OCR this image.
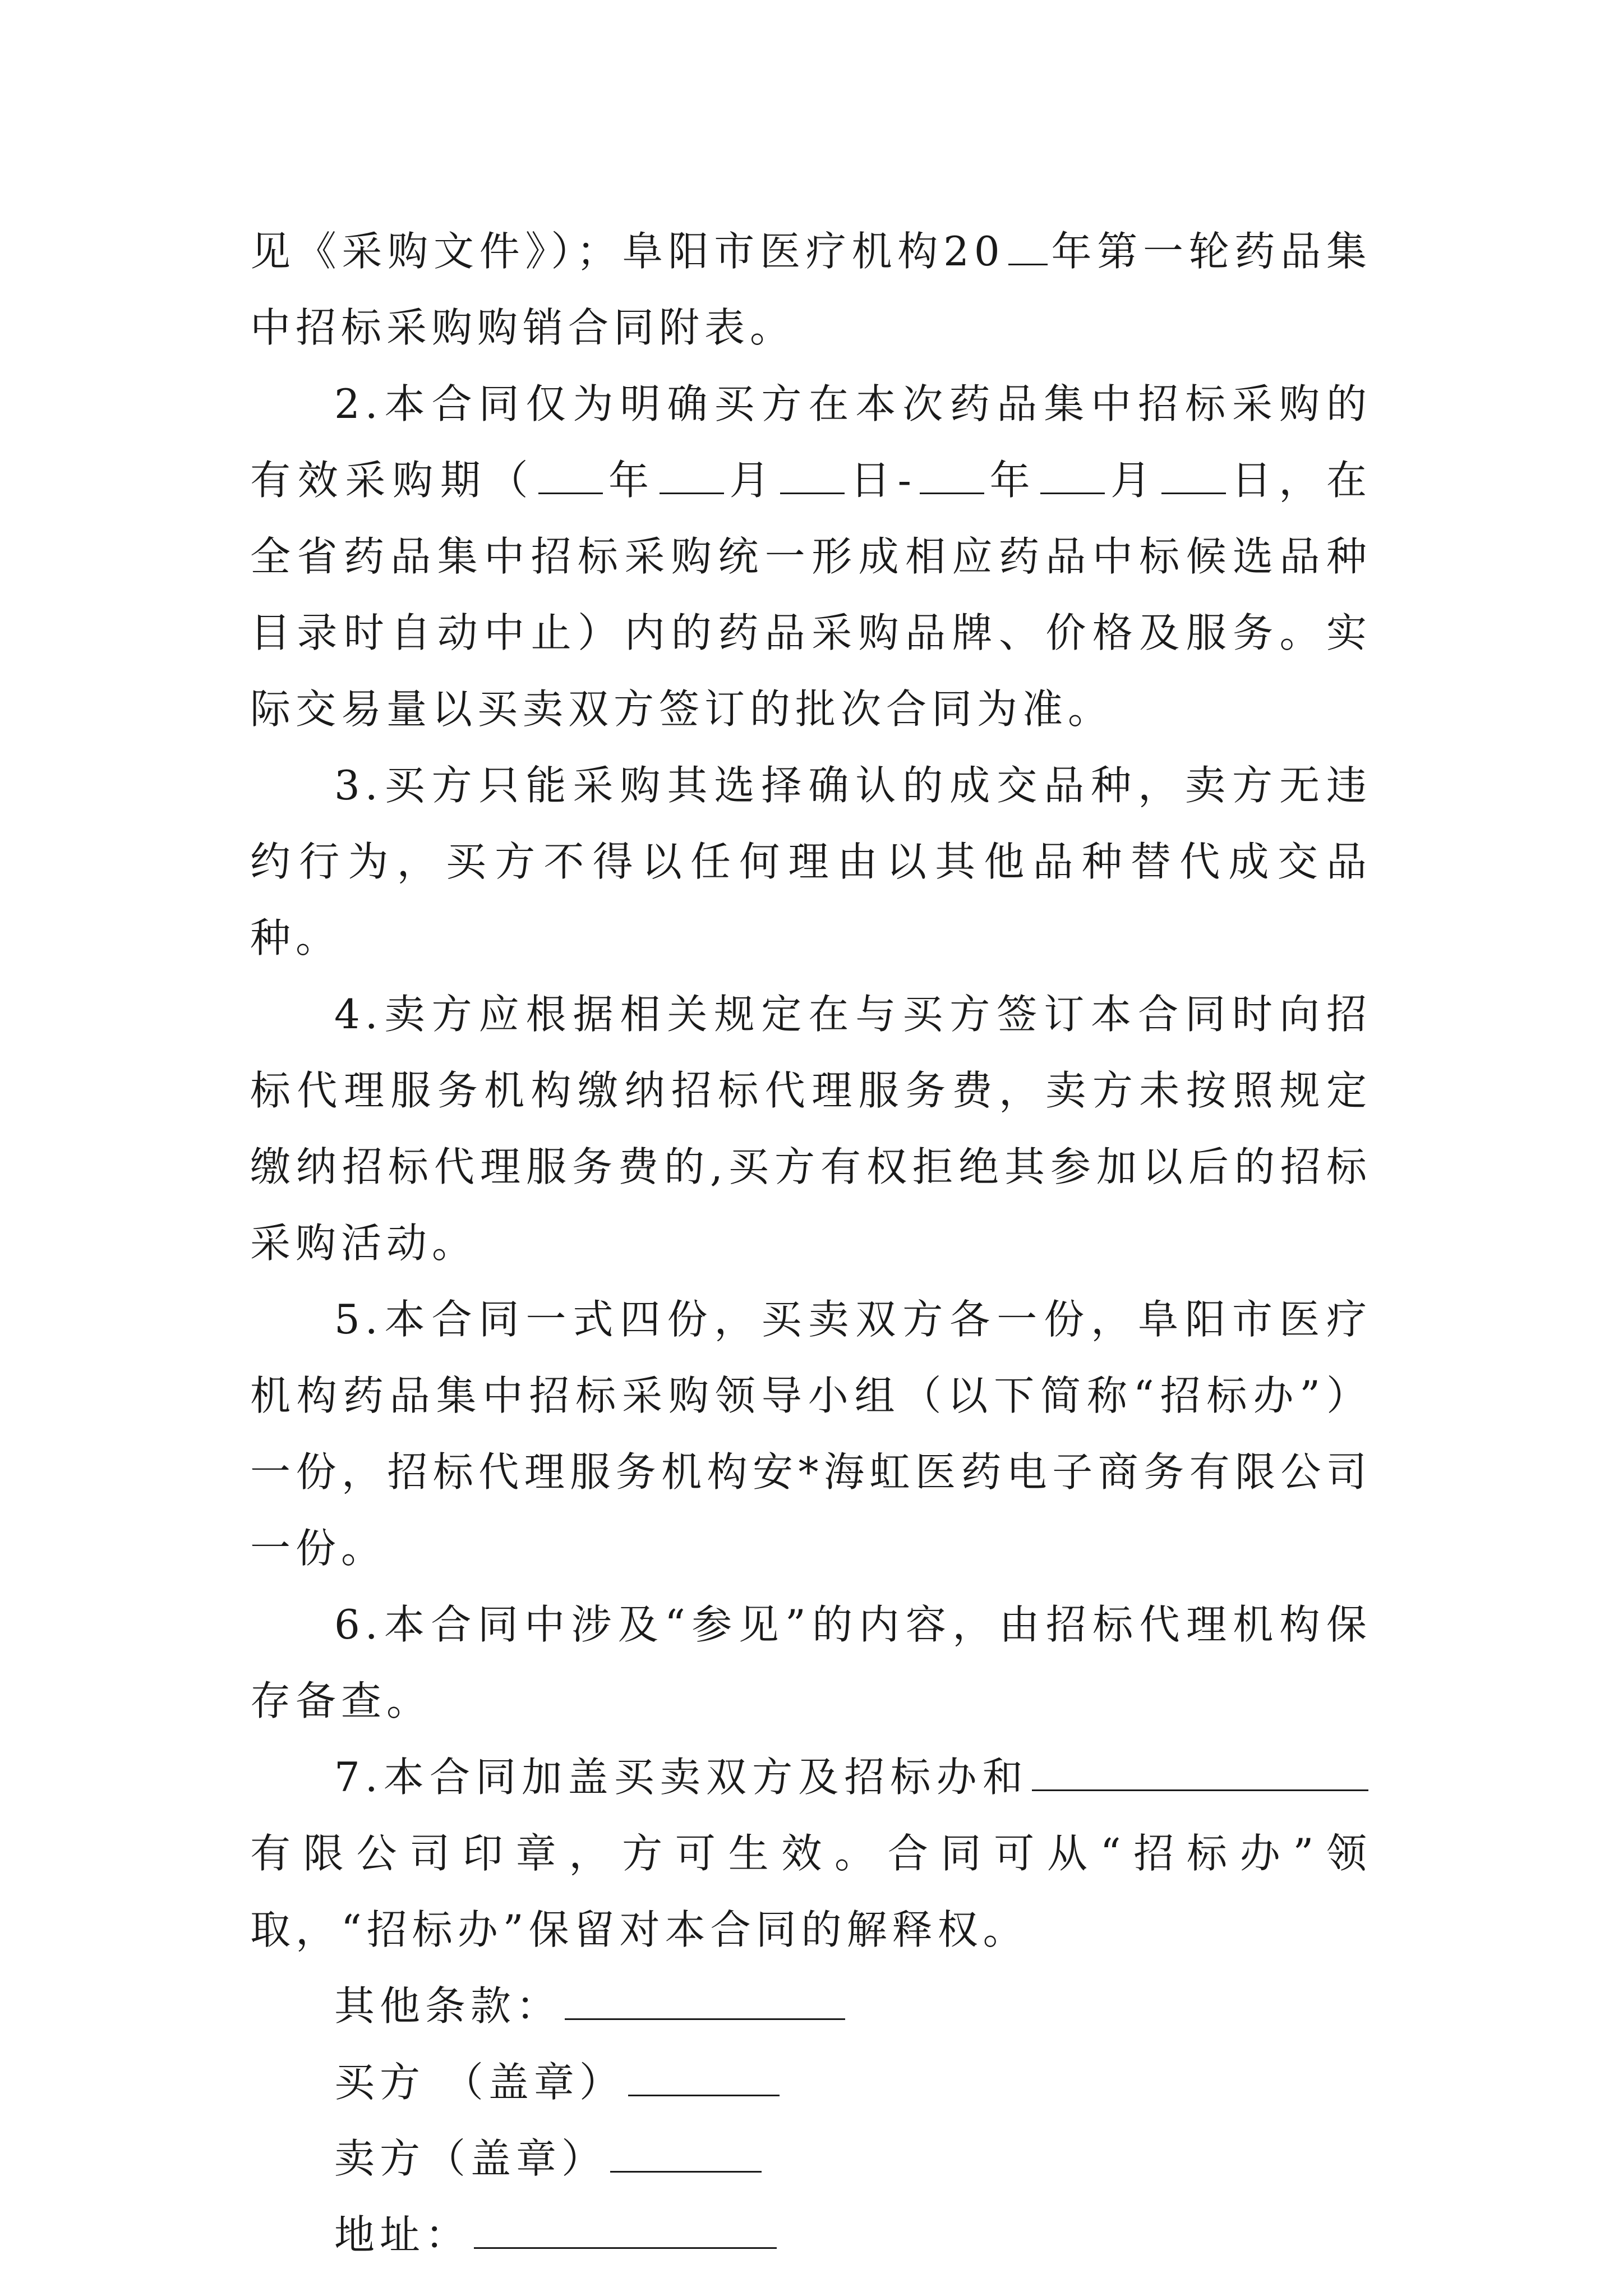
见《采购文件》）；阜阳市医疗机构20 年第一轮药品集中招标采购购销合同附表。

2.本合同仅为明确买方在本次药品集中招标采购的有效采购期（ 年 月 日- 年 月 日，在全省药品集中招标采购统一形成相应药品中标候选品种目录时自动中止）内的药品采购品牌、价格及服务。实际交易量以买卖双方签订的批次合同为准。

3.买方只能采购其选择确认的成交品种，卖方无违约行为，买方不得以任何理由以其他品种替代成交品种。

4.卖方应根据相关规定在与买方签订本合同时向招标代理服务机构缴纳招标代理服务费，卖方未按照规定缴纳招标代理服务费的,买方有权拒绝其参加以后的招标采购活动。

5.本合同一式四份，买卖双方各一份，阜阳市医疗机构药品集中招标采购领导小组（以下简称“招标办”）一份，招标代理服务机构安*海虹医药电子商务有限公司一份。

6.本合同中涉及“参见”的内容，由招标代理机构保存备查。

7.本合同加盖买卖双方及招标办和有限公司印章，方可生效。合同可从“招标办”领取，“招标办”保留对本合同的解释权。

其他条款：

买方 （盖章）

卖方（盖章）

地址：
